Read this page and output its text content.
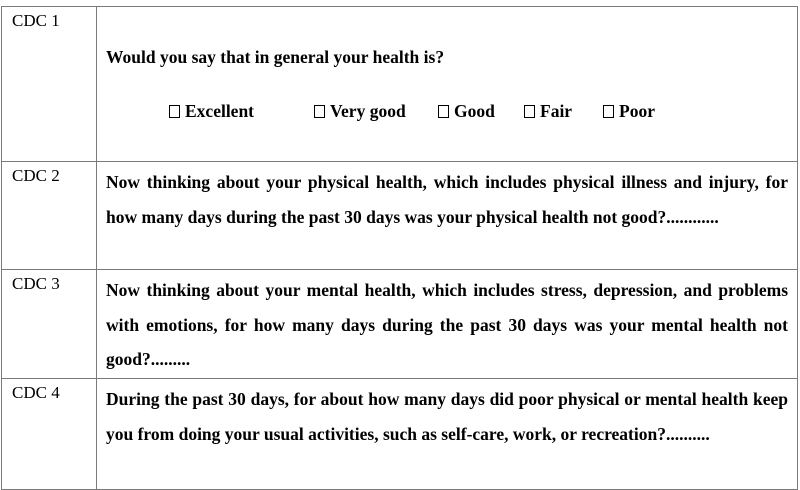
CDC 1	Would you say that in general your health is?
Excellent Very good Good Fair Poor

CDC 2	Now thinking about your physical health, which includes physical illness and injury, for how many days during the past 30 days was your physical health not good?............

CDC 3	Now thinking about your mental health, which includes stress, depression, and problems with emotions, for how many days during the past 30 days was your mental health not good?.........

CDC 4	During the past 30 days, for about how many days did poor physical or mental health keep you from doing your usual activities, such as self-care, work, or recreation?..........
